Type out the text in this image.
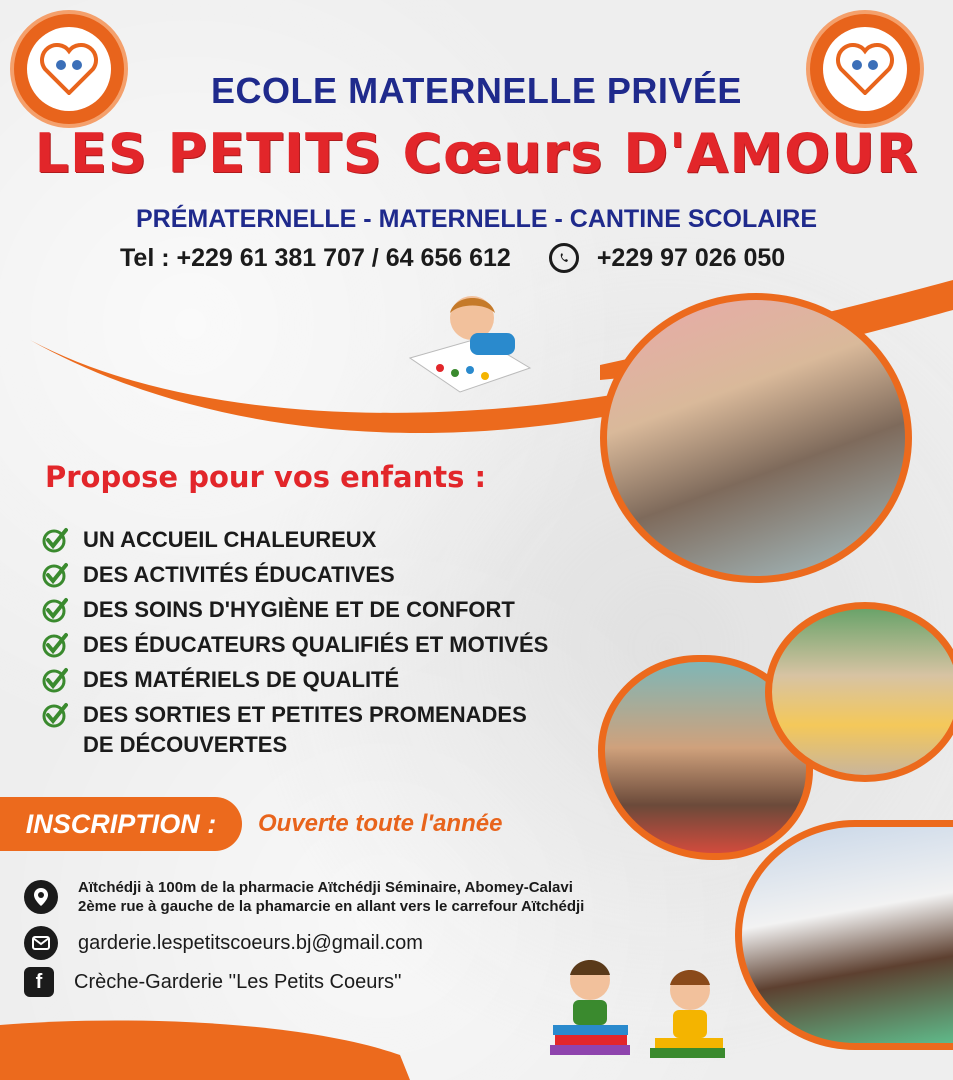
ECOLE MATERNELLE PRIVÉE
LES PETITS Cœurs D'AMOUR
PRÉMATERNELLE - MATERNELLE - CANTINE SCOLAIRE
Tel : +229 61 381 707 / 64 656 612	+229 97 026 050
Propose pour vos enfants :
UN ACCUEIL CHALEUREUX
DES ACTIVITÉS ÉDUCATIVES
DES SOINS D'HYGIÈNE ET DE CONFORT
DES ÉDUCATEURS QUALIFIÉS ET MOTIVÉS
DES MATÉRIELS DE QUALITÉ
DES SORTIES ET PETITES PROMENADES
DE DÉCOUVERTES
INSCRIPTION :	Ouverte toute l'année
Aïtchédji à 100m de la pharmacie Aïtchédji Séminaire, Abomey-Calavi
2ème rue à gauche de la phamarcie en allant vers le carrefour Aïtchédji
garderie.lespetitscoeurs.bj@gmail.com
f Crèche-Garderie ''Les Petits Coeurs''
